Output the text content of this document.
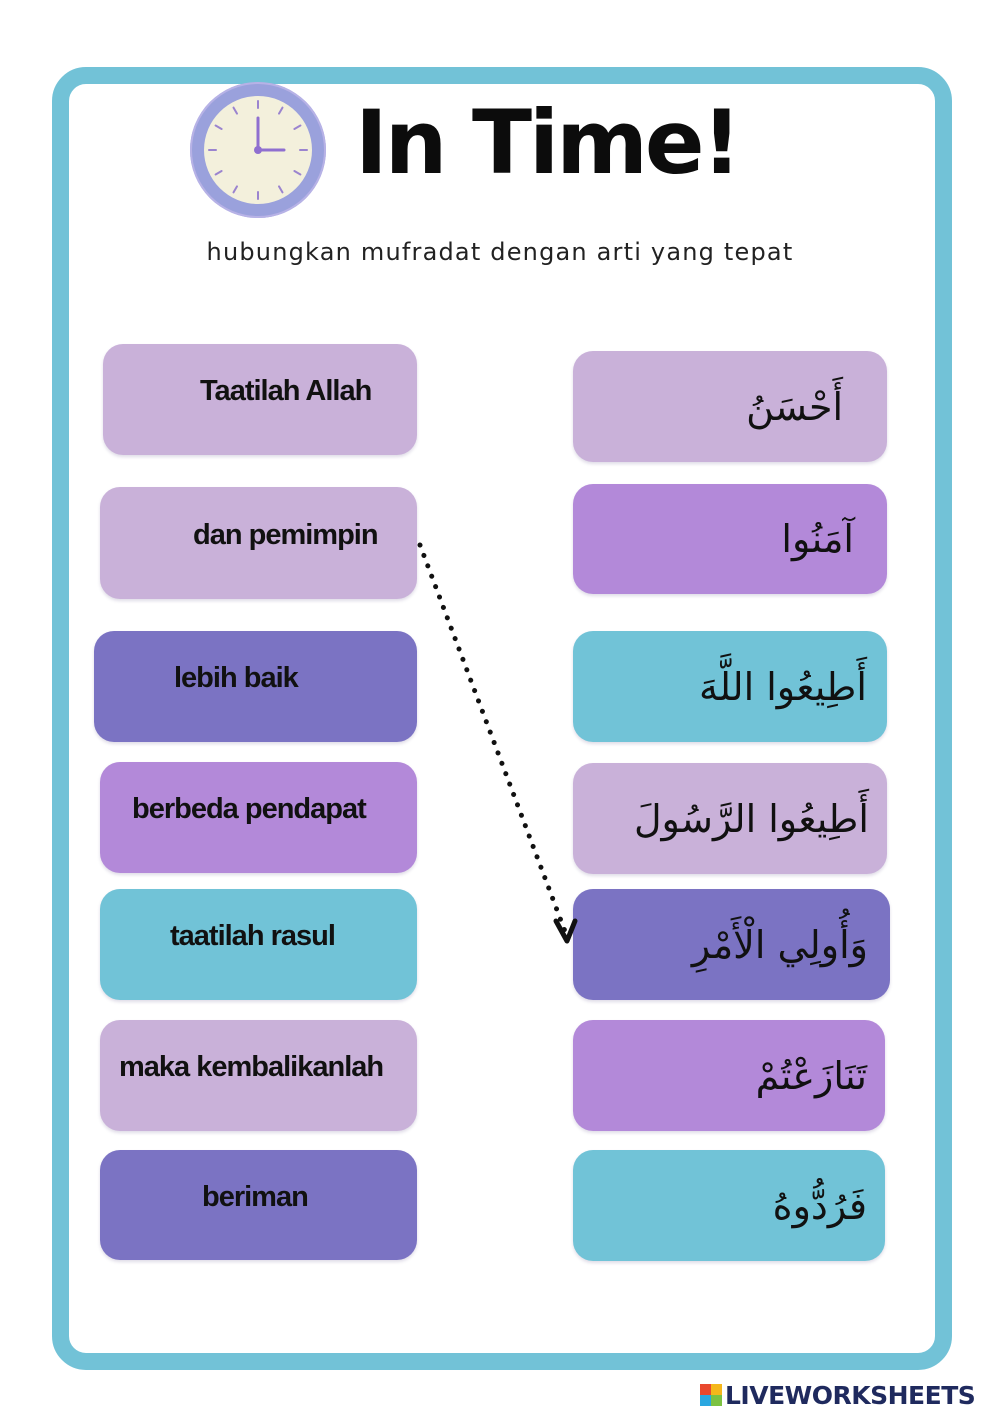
In Time!
hubungkan mufradat dengan arti yang tepat
Taatilah Allah
dan pemimpin
lebih baik
berbeda pendapat
taatilah rasul
maka kembalikanlah
beriman
أَحْسَنُ
آمَنُوا
أَطِيعُوا اللَّهَ
أَطِيعُوا الرَّسُولَ
وَأُولِي الْأَمْرِ
تَنَازَعْتُمْ
فَرُدُّوهُ
LIVEWORKSHEETS
